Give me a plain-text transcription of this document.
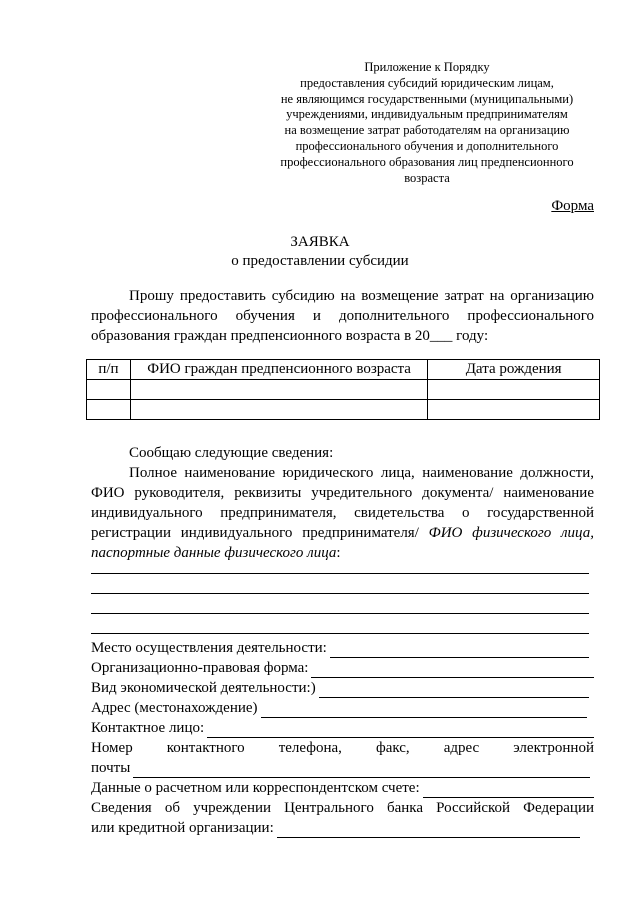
Приложение к Порядку
предоставления субсидий юридическим лицам,
не являющимся государственными (муниципальными)
учреждениями, индивидуальным предпринимателям
на возмещение затрат работодателям на организацию
профессионального обучения и дополнительного
профессионального образования лиц предпенсионного
возраста
Форма
ЗАЯВКА
о предоставлении субсидии
Прошу предоставить субсидию на возмещение затрат на организацию
профессионального обучения и дополнительного профессионального
образования граждан предпенсионного возраста в 20___ году:
п/п	ФИО граждан предпенсионного возраста	Дата рождения

Сообщаю следующие сведения:
Полное наименование юридического лица, наименование должности,
ФИО руководителя, реквизиты учредительного документа/ наименование
индивидуального предпринимателя, свидетельства о государственной
регистрации индивидуального предпринимателя/ ФИО физического лица,
паспортные данные физического лица:
Место осуществления деятельности:
Организационно-правовая форма:
Вид экономической деятельности:)
Адрес (местонахождение)
Контактное лицо:
Номер контактного телефона, факс, адрес электронной
почты
Данные о расчетном или корреспондентском счете:
Сведения об учреждении Центрального банка Российской Федерации
или кредитной организации:
